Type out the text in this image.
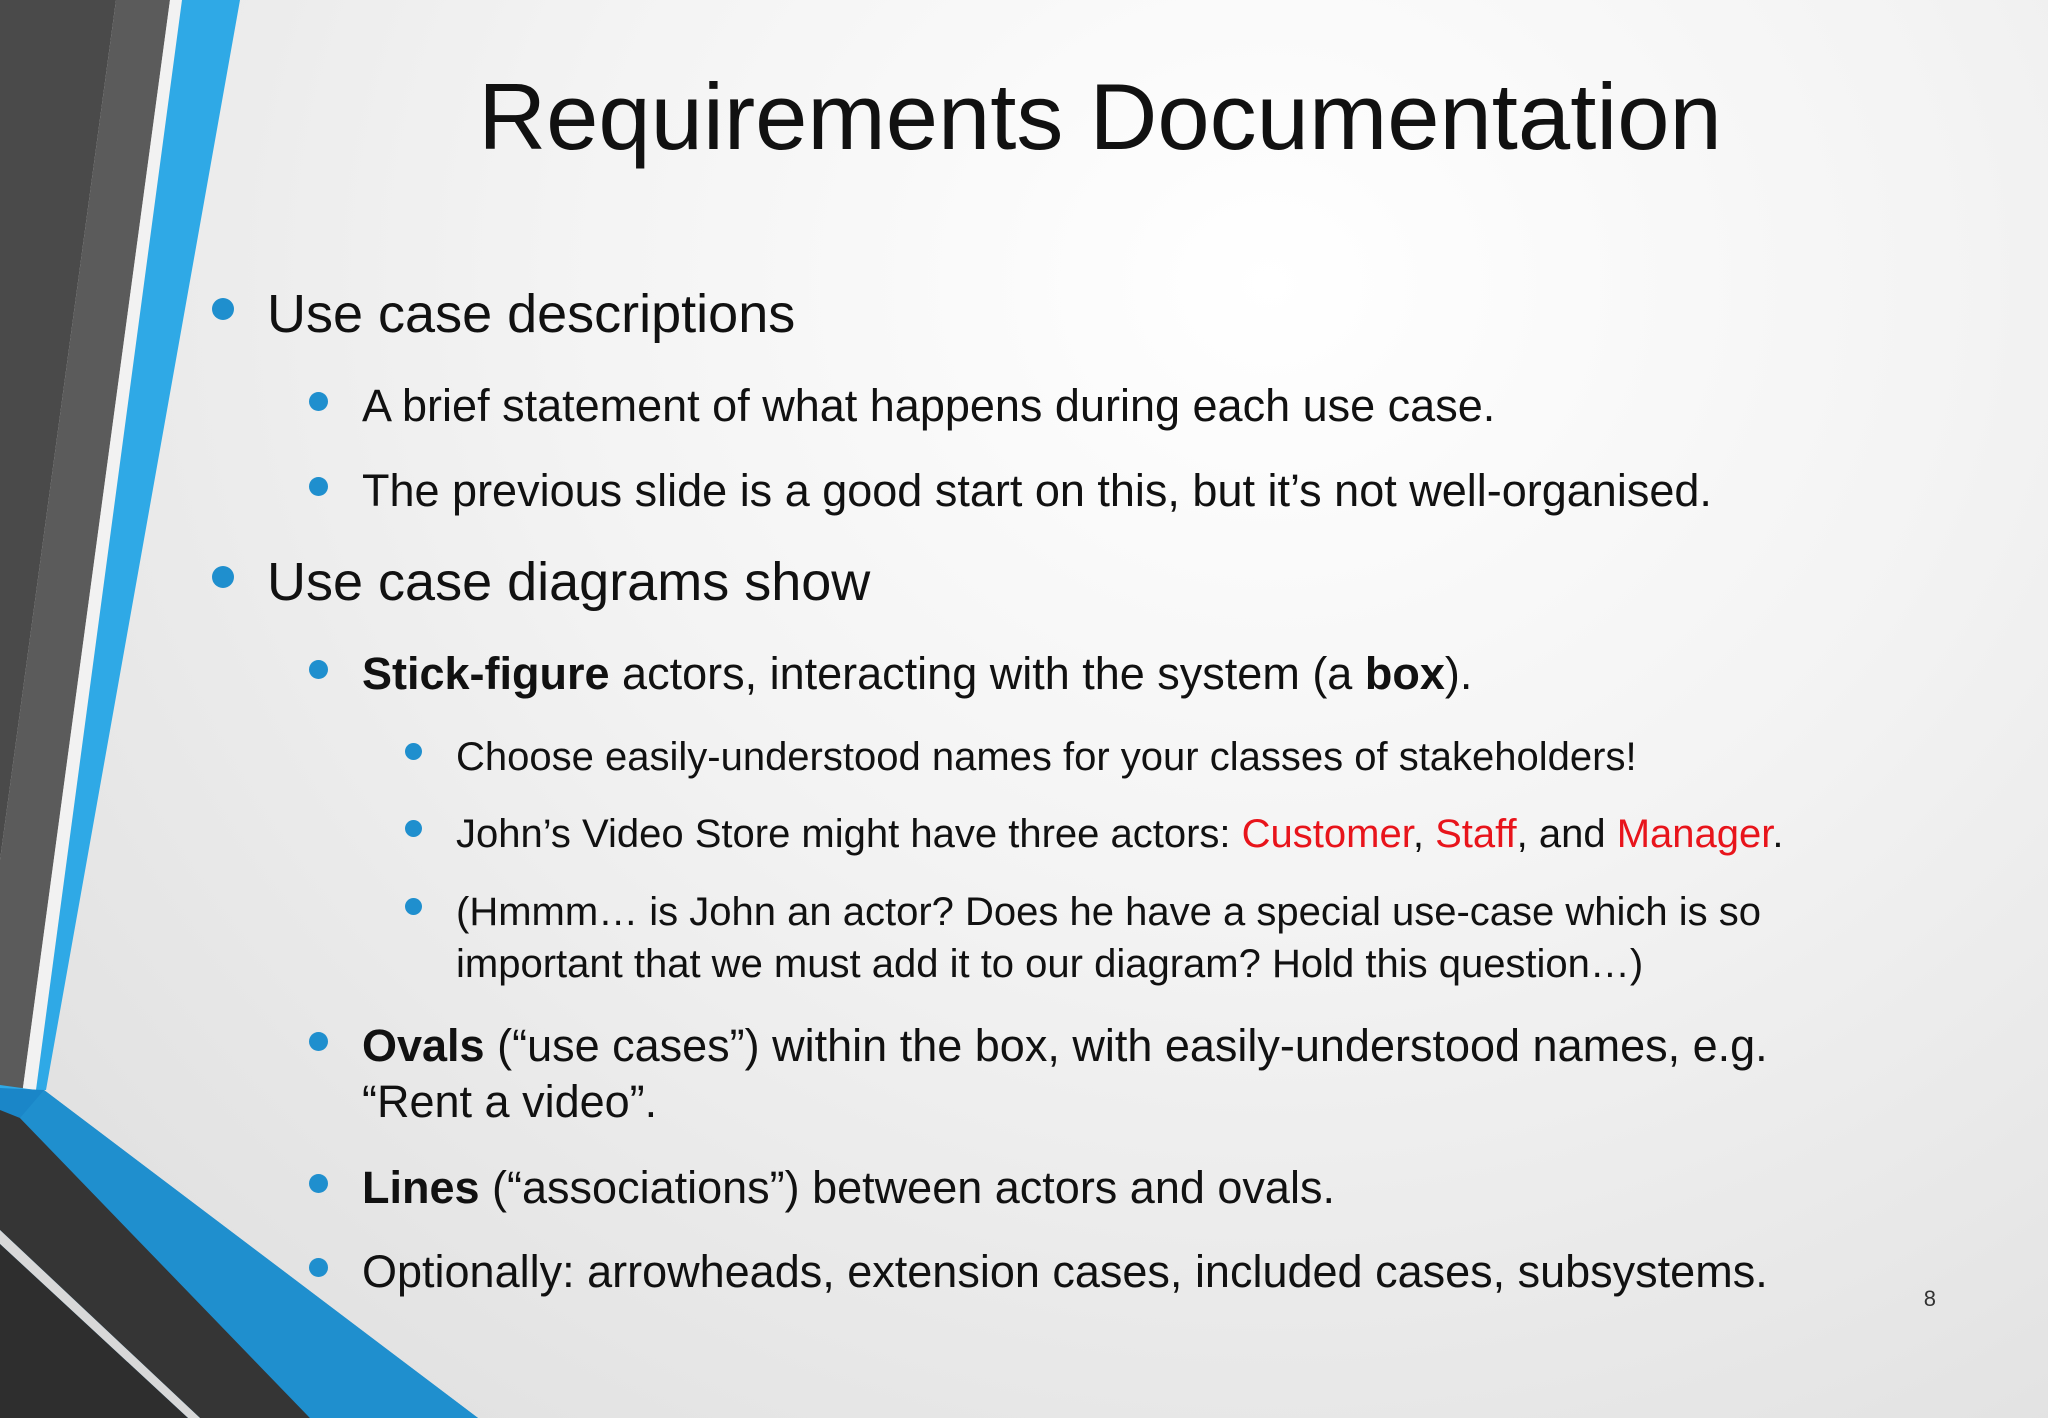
Requirements Documentation
Use case descriptions
A brief statement of what happens during each use case.
The previous slide is a good start on this, but it’s not well-organised.
Use case diagrams show
Stick-figure actors, interacting with the system (a box).
Choose easily-understood names for your classes of stakeholders!
John’s Video Store might have three actors: Customer, Staff, and Manager.
(Hmmm… is John an actor? Does he have a special use-case which is so
important that we must add it to our diagram? Hold this question…)
Ovals (“use cases”) within the box, with easily-understood names, e.g.
“Rent a video”.
Lines (“associations”) between actors and ovals.
Optionally: arrowheads, extension cases, included cases, subsystems.
8
